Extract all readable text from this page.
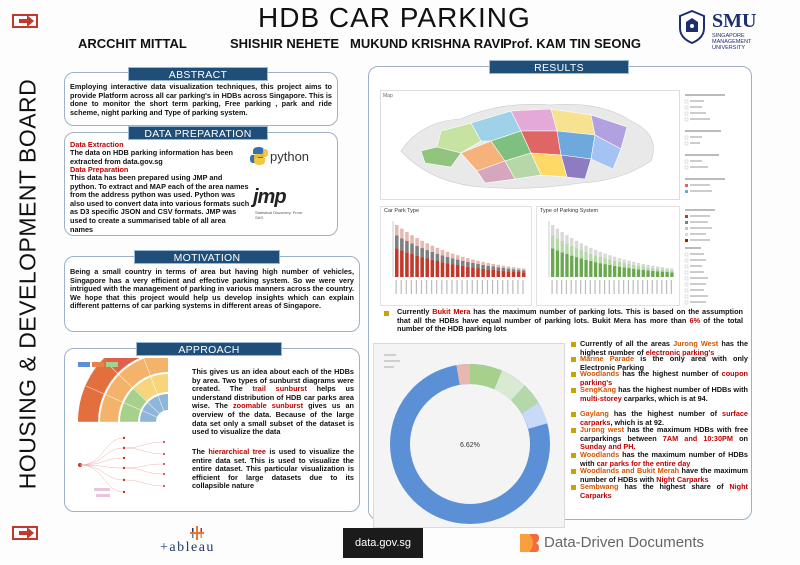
HOUSING & DEVELOPMENT BOARD
HDB CAR PARKING
ARCCHIT MITTAL	SHISHIR NEHETE MUKUND KRISHNA RAVI Prof. KAM TIN SEONG
SMU
SINGAPORE MANAGEMENT UNIVERSITY
ABSTRACT
Employing interactive data visualization techniques, this project aims to provide Platform across all car parking's in HDBs across Singapore. This is done to monitor the short term parking, Free parking , park and ride scheme, night parking and Type of parking system.
DATA PREPARATION
Data Extraction
The data on HDB parking information has been extracted from data.gov.sg
Data Preparation
This data has been prepared using JMP and python. To extract and MAP each of the area names from the address python was used. Python was also used to convert data into various formats such as D3 specific JSON and CSV formats. JMP was used to create a summarised table of all area names
python
jmp
Statistical Discovery. From SAS.
MOTIVATION
Being a small country in terms of area but having high number of vehicles, Singapore has a very efficient and effective parking system. So we were very intrigued with the management of parking in various manners across the country. We hope that this project would help us develop insights which can explain different patterns of car parking systems in different areas of Singapore.
APPROACH
This gives us an idea about each of the HDBs by area. Two types of sunburst diagrams were created. The trail sunburst helps us understand distribution of HDB car parks area wise. The zoomable sunburst gives us an overview of the data. Because of the large data set only a small subset of the dataset is used to visualize the data
The hierarchical tree is used to visualize the entire data set. This is used to visualize the entire dataset. This particular visualization is efficient for large datasets due to its collapsible nature
RESULTS
Map
Car Park Type	Type of Parking System
Currently Bukit Mera has the maximum number of parking lots. This is based on the assumption that all the HDBs have equal number of parking lots. Bukit Mera has more than 6% of the total number of the HDB parking lots
6.62%
Currently of all the areas Jurong West has the highest number of electronic parking's
Marine Parade is the only area with only Electronic Parking
Woodlands has the highest number of coupon parking's
SengKang has the highest number of HDBs with multi-storey carparks, which is at 94.
Gaylang has the highest number of surface carparks, which is at 92.
Jurong west has the maximum HDBs with free carparkings between 7AM and 10:30PM on Sunday and PH.
Woodlands has the maximum number of HDBs with car parks for the entire day
Woodlands and Bukit Merah have the maximum number of HDBs with Night Carparks
Sembwang has the highest share of Night Carparks
+ableau	data.gov.sg	Data-Driven Documents
